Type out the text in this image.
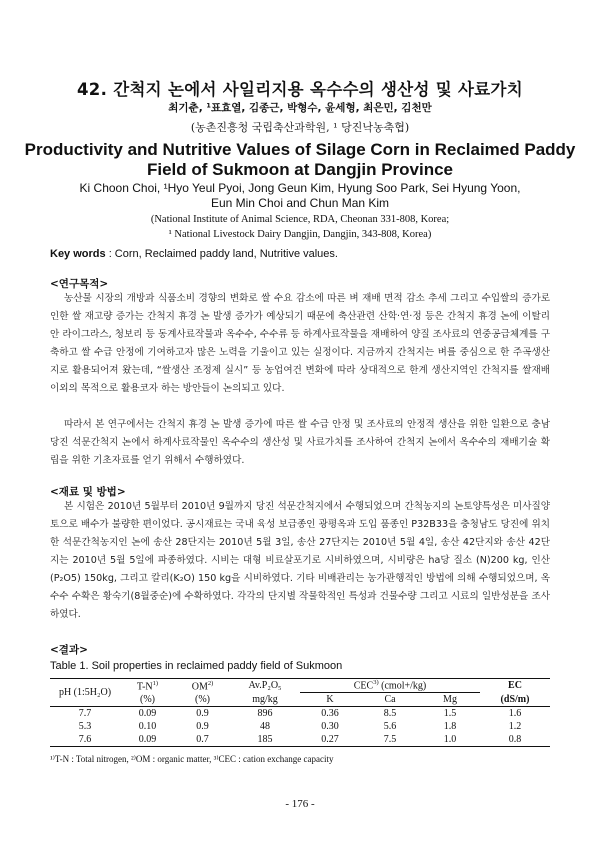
42. 간척지 논에서 사일리지용 옥수수의 생산성 및 사료가치
최기춘, ¹표효열, 김종근, 박형수, 윤세형, 최은민, 김천만
(농촌진흥청 국립축산과학원, ¹ 당진낙농축협)
Productivity and Nutritive Values of Silage Corn in Reclaimed Paddy
Field of Sukmoon at Dangjin Province
Ki Choon Choi, ¹Hyo Yeul Pyoi, Jong Geun Kim, Hyung Soo Park, Sei Hyung Yoon,
Eun Min Choi and Chun Man Kim
(National Institute of Animal Science, RDA, Cheonan 331-808, Korea;
¹ National Livestock Dairy Dangjin, Dangjin, 343-808, Korea)
Key words : Corn, Reclaimed paddy land, Nutritive values.
<연구목적>
농산물 시장의 개방과 식품소비 경향의 변화로 쌀 수요 감소에 따른 벼 재배 면적 감소 추세 그리고 수입쌀의 증가로 인한 쌀 재고량 증가는 간척지 휴경 논 발생 증가가 예상되기 때문에 축산관련 산학·연·정 등은 간척지 휴경 논에 이탈리안 라이그라스, 청보리 등 동계사료작물과 옥수수, 수수류 등 하계사료작물을 재배하여 양질 조사료의 연중공급체계를 구축하고 쌀 수급 안정에 기여하고자 많은 노력을 기울이고 있는 실정이다. 지금까지 간척지는 벼를 중심으로 한 주곡생산지로 활용되어져 왔는데, “쌀생산 조정제 실시” 등 농업여건 변화에 따라 상대적으로 한계 생산지역인 간척지를 쌀재배 이외의 목적으로 활용코자 하는 방안들이 논의되고 있다.
따라서 본 연구에서는 간척지 휴경 논 발생 증가에 따른 쌀 수급 안정 및 조사료의 안정적 생산을 위한 일환으로 충남 당진 석문간척지 논에서 하계사료작물인 옥수수의 생산성 및 사료가치를 조사하여 간척지 논에서 옥수수의 재배기술 확립을 위한 기초자료를 얻기 위해서 수행하였다.
<재료 및 방법>
본 시험은 2010년 5월부터 2010년 9월까지 당진 석문간척지에서 수행되었으며 간척농지의 논토양특성은 미사질양토으로 배수가 불량한 편이었다. 공시재료는 국내 육성 보급종인 광평옥과 도입 품종인 P32B33을 충청남도 당진에 위치한 석문간척농지인 논에 송산 28단지는 2010년 5월 3일, 송산 27단지는 2010년 5월 4일, 송산 42단지와 송산 42단지는 2010년 5월 5일에 파종하였다. 시비는 대형 비료살포기로 시비하였으며, 시비량은 ha당 질소 (N)200 kg, 인산 (P₂O5) 150kg, 그리고 칼리(K₂O) 150 kg을 시비하였다. 기타 비배관리는 농가관행적인 방법에 의해 수행되었으며, 옥수수 수확은 황숙기(8월중순)에 수확하였다. 각각의 단지별 작물학적인 특성과 건물수량 그리고 시료의 일반성분을 조사하였다.
<결과>
Table 1. Soil properties in reclaimed paddy field of Sukmoon
pH (1:5H₂O)	$T-N^{1)}$	OM$^{2)}$	Av.P₂O₅	CEC$^{3)}$ (cmol+/kg)			EC
	(%)	(%)	mg/kg	K	Ca	Mg	(dS/m)
7.7	0.09	0.9	896	0.36	8.5	1.5	1.6
5.3	0.10	0.9	48	0.30	5.6	1.8	1.2
7.6	0.09	0.7	185	0.27	7.5	1.0	0.8
¹⁾T-N : Total nitrogen, ²⁾OM : organic matter, ³⁾CEC : cation exchange capacity
- 176 -
